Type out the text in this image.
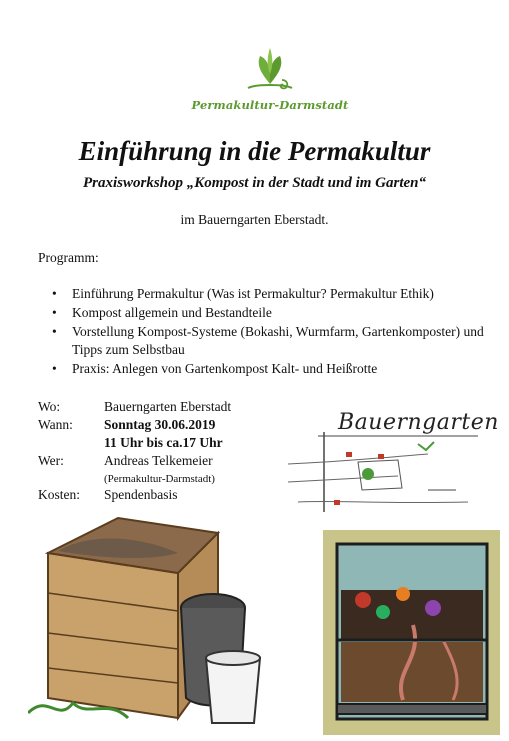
Permakultur-Darmstadt
Einführung in die Permakultur
Praxisworkshop „Kompost in der Stadt und im Garten“
im Bauerngarten Eberstadt.
Programm:
• Einführung Permakultur (Was ist Permakultur? Permakultur Ethik)
• Kompost allgemein und Bestandteile
• Vorstellung Kompost-Systeme (Bokashi, Wurmfarm, Gartenkomposter) und Tipps zum Selbstbau
• Praxis: Anlegen von Gartenkompost Kalt- und Heißrotte
Wo:	Bauerngarten Eberstadt
Wann:	Sonntag 30.06.2019
11 Uhr bis ca.17 Uhr
Wer:	Andreas Telkemeier
(Permakultur-Darmstadt)
Kosten:	Spendenbasis
Bauerngarten
